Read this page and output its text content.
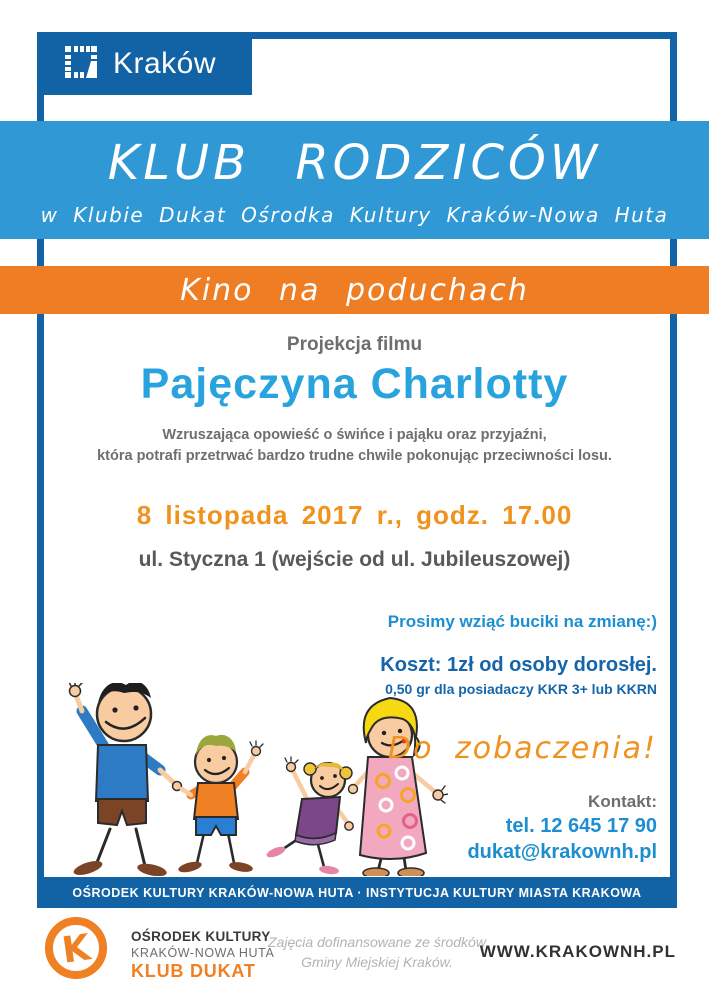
Kraków
KLUB RODZICÓW
w Klubie Dukat Ośrodka Kultury Kraków-Nowa Huta
Kino na poduchach
Projekcja filmu
Pajęczyna Charlotty
Wzruszająca opowieść o świńce i pająku oraz przyjaźni,
która potrafi przetrwać bardzo trudne chwile pokonując przeciwności losu.
8 listopada 2017 r., godz. 17.00
ul. Styczna 1 (wejście od ul. Jubileuszowej)
Prosimy wziąć buciki na zmianę:)
Koszt: 1zł od osoby dorosłej.
0,50 gr dla posiadaczy KKR 3+ lub KKRN
Do zobaczenia!
Kontakt:
tel. 12 645 17 90
dukat@krakownh.pl
OŚRODEK KULTURY KRAKÓW-NOWA HUTA · INSTYTUCJA KULTURY MIASTA KRAKOWA
K	OŚRODEK KULTURY
KRAKÓW-NOWA HUTA
KLUB DUKAT
Zajęcia dofinansowane ze środków
Gminy Miejskiej Kraków.
WWW.KRAKOWNH.PL
